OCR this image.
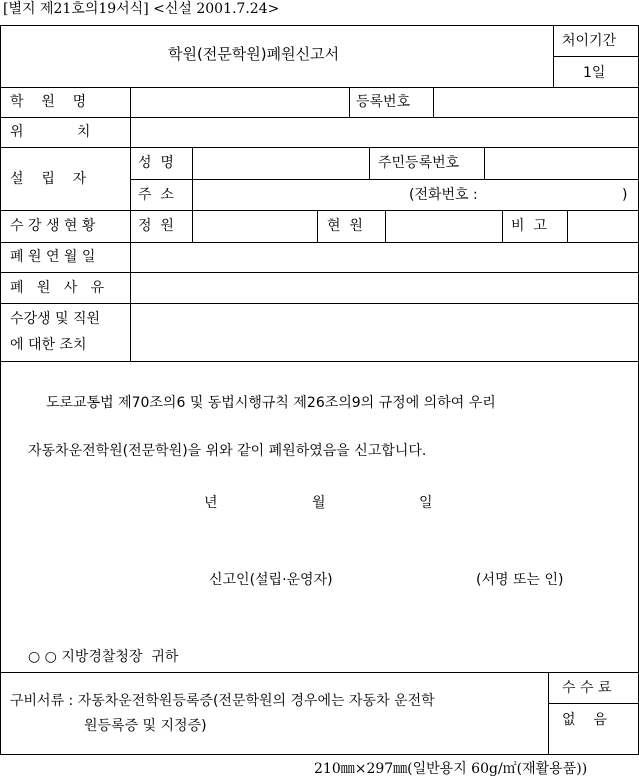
[별지 제21호의19서식] <신설 2001.7.24>
학원(전문학원)폐원신고서
처이기간
1일
학    원    명	등록번호
위            치
설    립    자
성  명	주민등록번호
주  소	(전화번호 :	)
수 강 생 현 황	정  원	현  원	비  고
폐 원 연 월 일
폐   원   사   유
수강생 및 직원
에 대한 조치
도로교통법 제70조의6 및 동법시행규칙 제26조의9의 규정에 의하여 우리
자동차운전학원(전문학원)을 위와 같이 폐원하였음을 신고합니다.
년	월	일
신고인(설립·운영자)	(서명 또는 인)
○ ○ 지방경찰청장  귀하
구비서류 : 자동차운전학원등록증(전문학원의 경우에는 자동차 운전학
원등록증 및 지정증)
수 수 료
없    음
210㎜×297㎜(일반용지 60g/㎡(재활용품))
